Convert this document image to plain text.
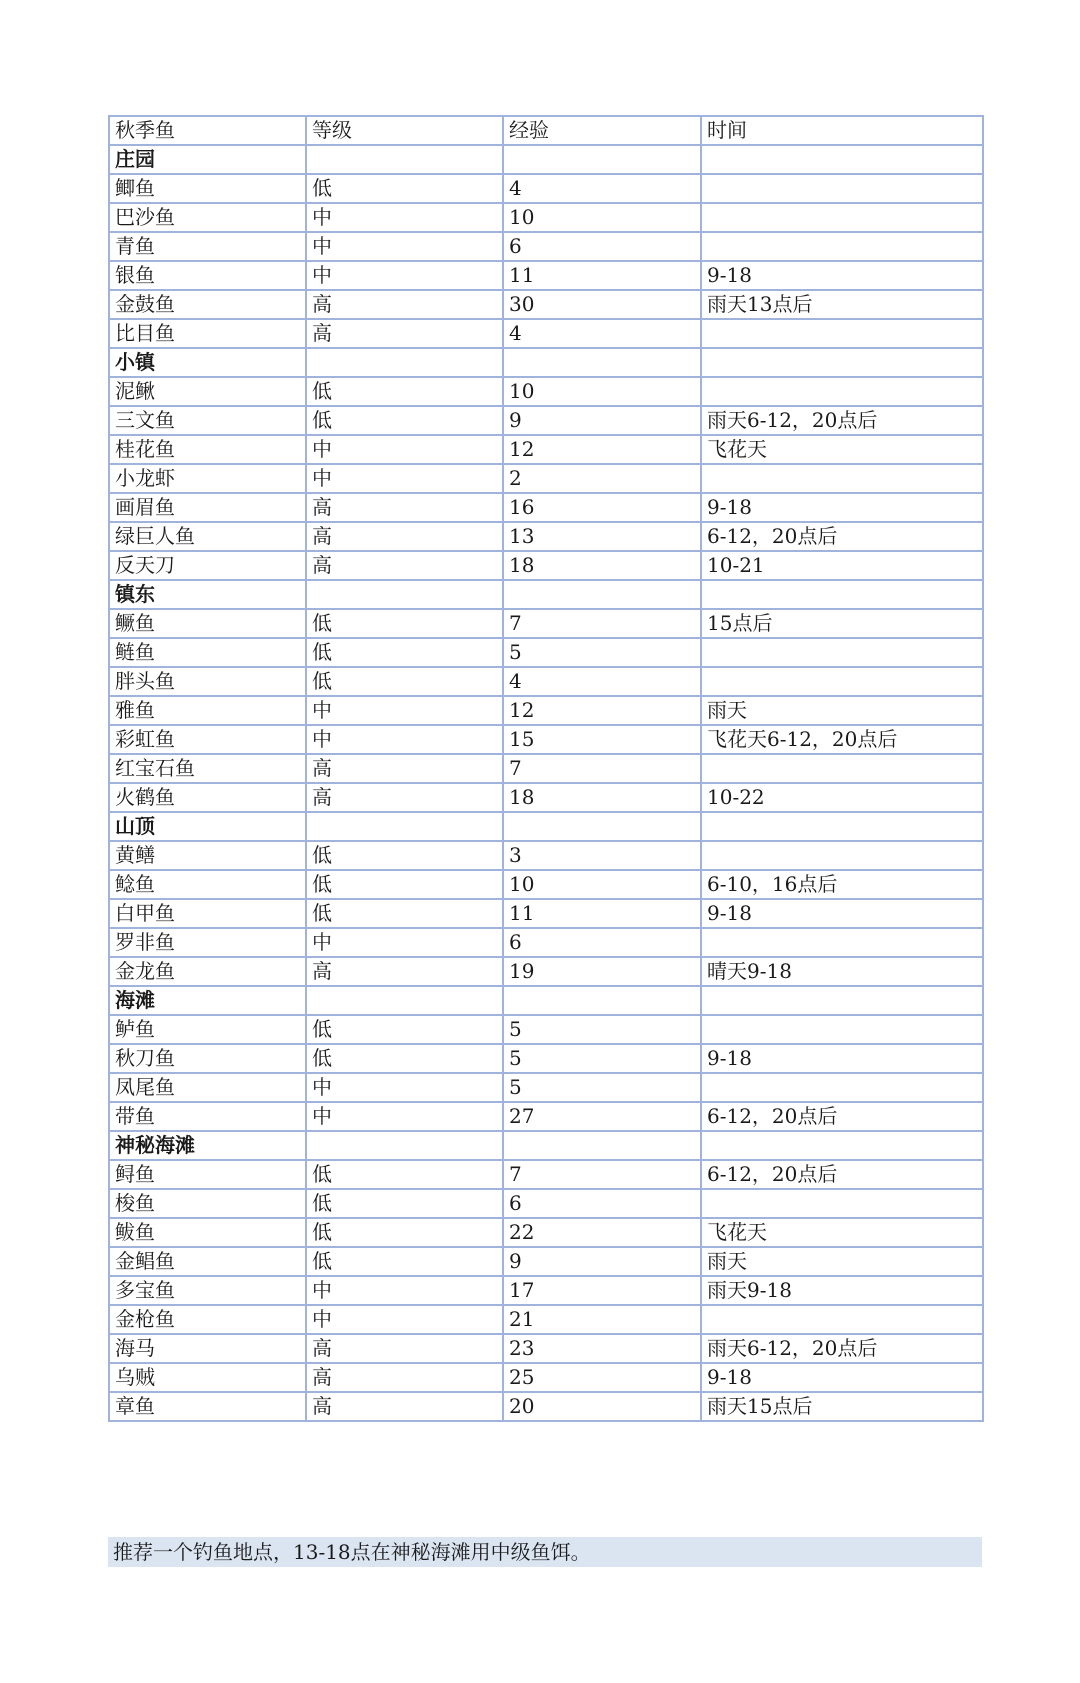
秋季鱼	等级	经验	时间
庄园			
鲫鱼	低	4	
巴沙鱼	中	10	
青鱼	中	6	
银鱼	中	11	9-18
金鼓鱼	高	30	雨天13点后
比目鱼	高	4	
小镇			
泥鳅	低	10	
三文鱼	低	9	雨天6-12，20点后
桂花鱼	中	12	飞花天
小龙虾	中	2	
画眉鱼	高	16	9-18
绿巨人鱼	高	13	6-12，20点后
反天刀	高	18	10-21
镇东			
鳜鱼	低	7	15点后
鲢鱼	低	5	
胖头鱼	低	4	
雅鱼	中	12	雨天
彩虹鱼	中	15	飞花天6-12，20点后
红宝石鱼	高	7	
火鹤鱼	高	18	10-22
山顶			
黄鳝	低	3	
鲶鱼	低	10	6-10，16点后
白甲鱼	低	11	9-18
罗非鱼	中	6	
金龙鱼	高	19	晴天9-18
海滩			
鲈鱼	低	5	
秋刀鱼	低	5	9-18
凤尾鱼	中	5	
带鱼	中	27	6-12，20点后
神秘海滩			
鲟鱼	低	7	6-12，20点后
梭鱼	低	6	
鲅鱼	低	22	飞花天
金鲳鱼	低	9	雨天
多宝鱼	中	17	雨天9-18
金枪鱼	中	21	
海马	高	23	雨天6-12，20点后
乌贼	高	25	9-18
章鱼	高	20	雨天15点后
推荐一个钓鱼地点，13-18点在神秘海滩用中级鱼饵。
